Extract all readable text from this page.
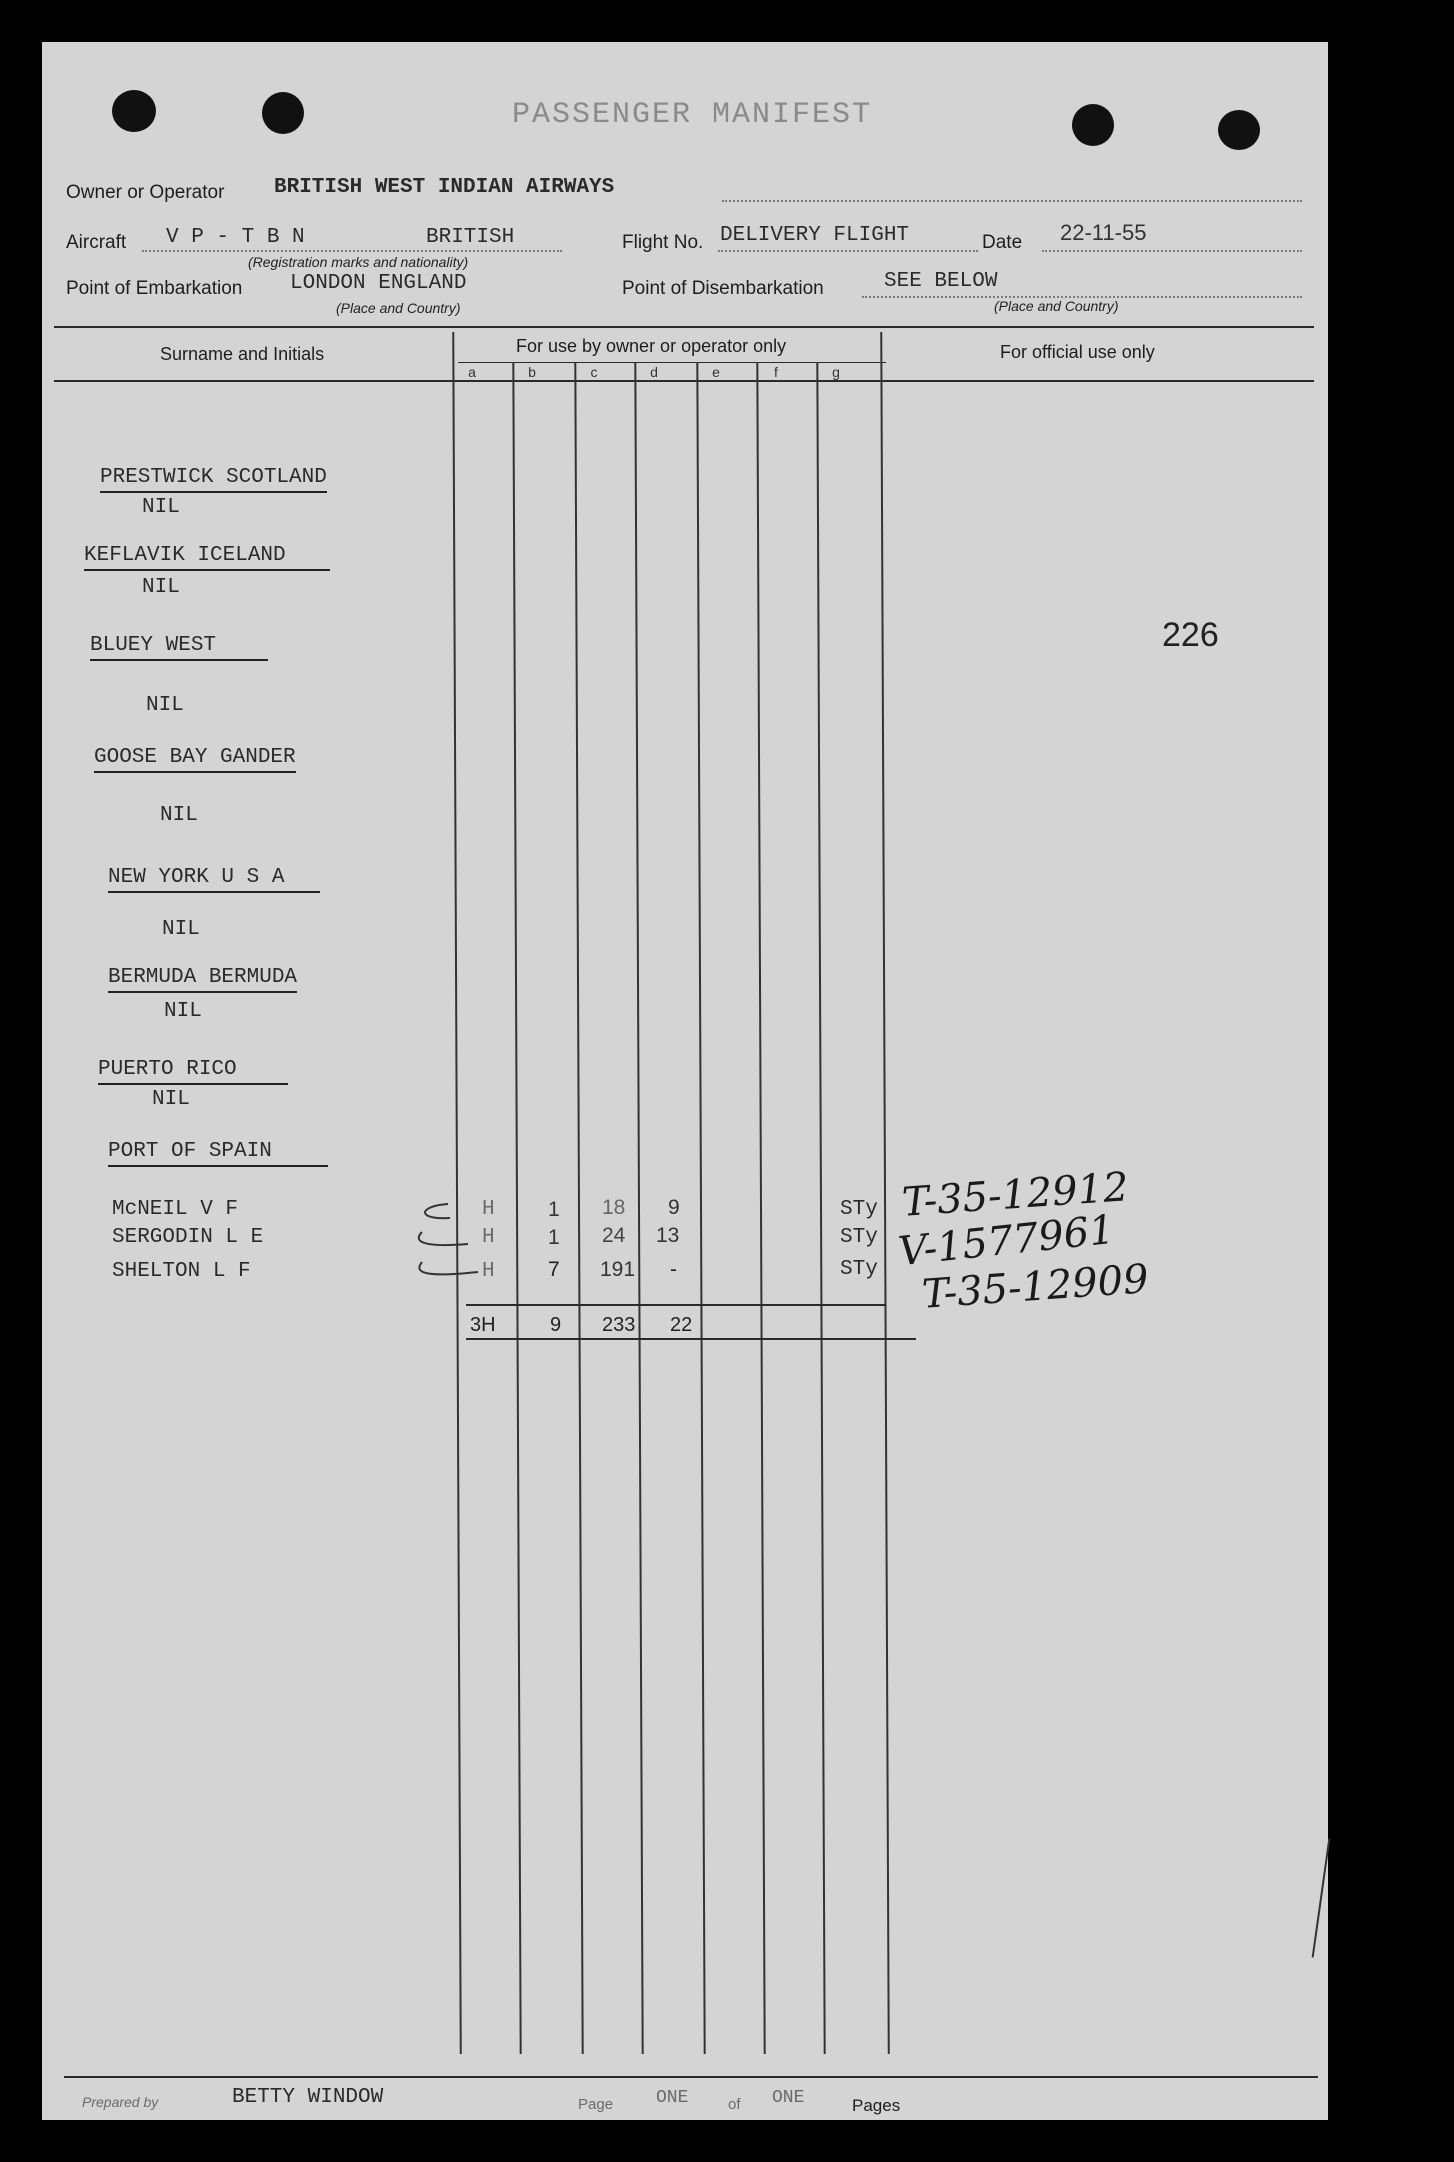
PASSENGER MANIFEST
Owner or Operator BRITISH WEST INDIAN AIRWAYS
Aircraft V P - T B N	BRITISH
(Registration marks and nationality)
Flight No. DELIVERY FLIGHT	Date 22-11-55
Point of Embarkation LONDON ENGLAND
(Place and Country)
Point of Disembarkation	SEE BELOW
(Place and Country)
Surname and Initials	For use by owner or operator only	For official use only
a	b	c	d	e	f	g
PRESTWICK SCOTLAND
NIL
KEFLAVIK ICELAND
NIL
BLUEY WEST
NIL
GOOSE BAY GANDER
NIL
NEW YORK U S A
NIL
BERMUDA BERMUDA
NIL
PUERTO RICO
NIL
PORT OF SPAIN
226
McNEIL V F	H	1 18 9	STy T-35-12912
SERGODIN L E	H	1 24 13	STy V-1577961
SHELTON L F	H	7 191 -	STy T-35-12909
3H	9 233 22
Prepared by	BETTY WINDOW	Page ONE	of ONE	Pages
